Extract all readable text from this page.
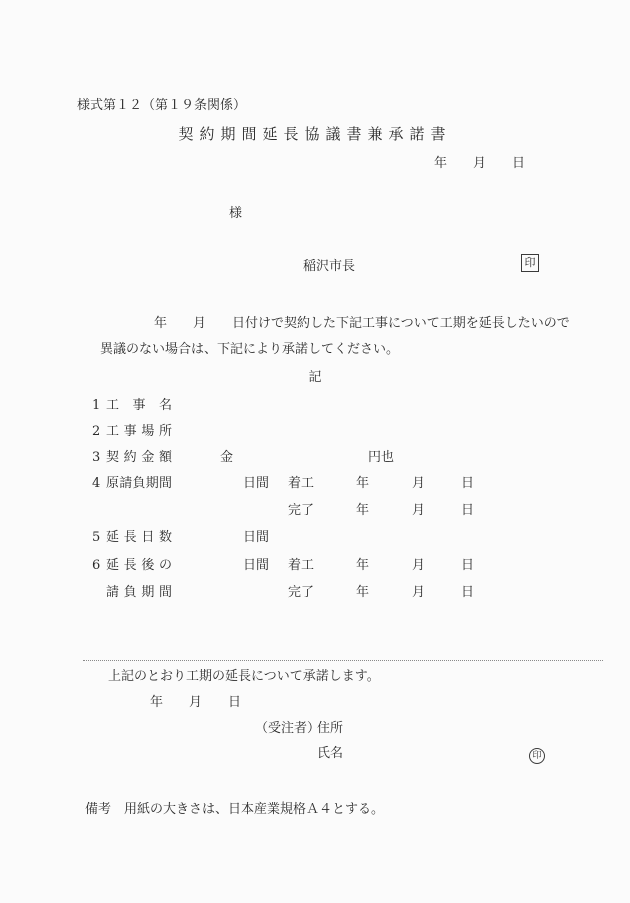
様式第１２（第１９条関係）
契約期間延長協議書兼承諾書
年　　月　　日
様
稲沢市長	印
年　　月　　日付けで契約した下記工事について工期を延長したいので
異議のない場合は、下記により承諾してください。
記
1 工事名
2 工事場所
3 契約金額	金	円也
4 原請負期間	日間 着工	年	月	日
完了	年	月	日
5 延長日数	日間
6 延長後の	日間 着工	年	月	日
請負期間	完了	年	月	日
上記のとおり工期の延長について承諾します。
年　　月　　日
（受注者）
住所
氏名	印
備考　用紙の大きさは、日本産業規格Ａ４とする。
